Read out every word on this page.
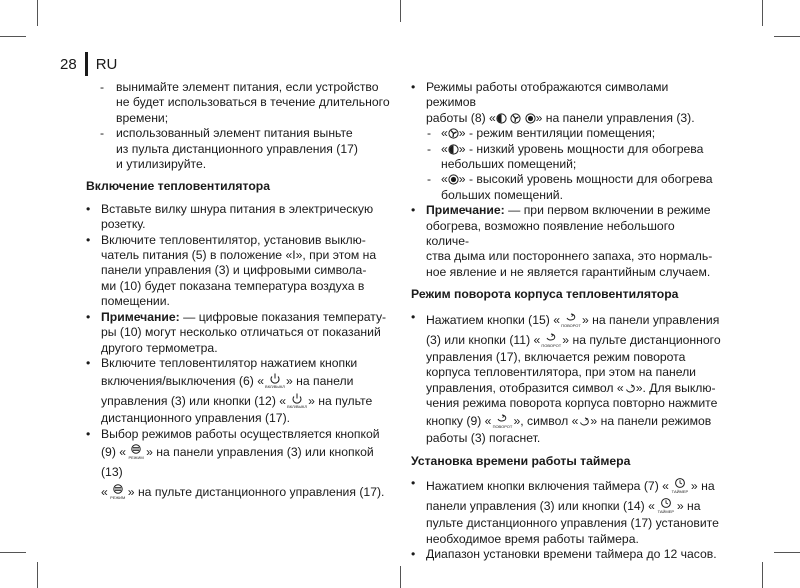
28 RU
- вынимайте элемент питания, если устройство
не будет использоваться в течение длительного
времени;
- использованный элемент питания выньте
из пульта дистанционного управления (17)
и утилизируйте.
Включение тепловентилятора
• Вставьте вилку шнура питания в электрическую
розетку.
• Включите тепловентилятор, установив выклю-
чатель питания (5) в положение «I», при этом на
панели управления (3) и цифровыми символа-
ми (10) будет показана температура воздуха в
помещении.
• Примечание: — цифровые показания температу-
ры (10) могут несколько отличаться от показаний
другого термометра.
• Включите тепловентилятор нажатием кнопки
включения/выключения (6) « ВКЛ/ВЫКЛ » на панели
управления (3) или кнопки (12) « ВКЛ/ВЫКЛ » на пульте
дистанционного управления (17).
• Выбор режимов работы осуществляется кнопкой
(9) « РЕЖИМ » на панели управления (3) или кнопкой (13)
« РЕЖИМ » на пульте дистанционного управления (17).
• Режимы работы отображаются символами режимов
работы (8) «

	» на панели управления (3).
- « » - режим вентиляции помещения;
- « » - низкий уровень мощности для обогрева
небольших помещений;
- « » - высокий уровень мощности для обогрева
больших помещений.
• Примечание: — при первом включении в режиме
обогрева, возможно появление небольшого количе-
ства дыма или постороннего запаха, это нормаль-
ное явление и не является гарантийным случаем.
Режим поворота корпуса тепловентилятора
• Нажатием кнопки (15) « ПОВОРОТ » на панели управления
(3) или кнопки (11) « ПОВОРОТ » на пульте дистанционного
управления (17), включается режим поворота
корпуса тепловентилятора, при этом на панели
управления, отобразится символ « ». Для выклю-
чения режима поворота корпуса повторно нажмите
кнопку (9) « ПОВОРОТ », символ « » на панели режимов
работы (3) погаснет.
Установка времени работы таймера
• Нажатием кнопки включения таймера (7) « ТАЙМЕР » на
панели управления (3) или кнопки (14) « ТАЙМЕР » на
пульте дистанционного управления (17) установите
необходимое время работы таймера.
• Диапазон установки времени таймера до 12 часов.
